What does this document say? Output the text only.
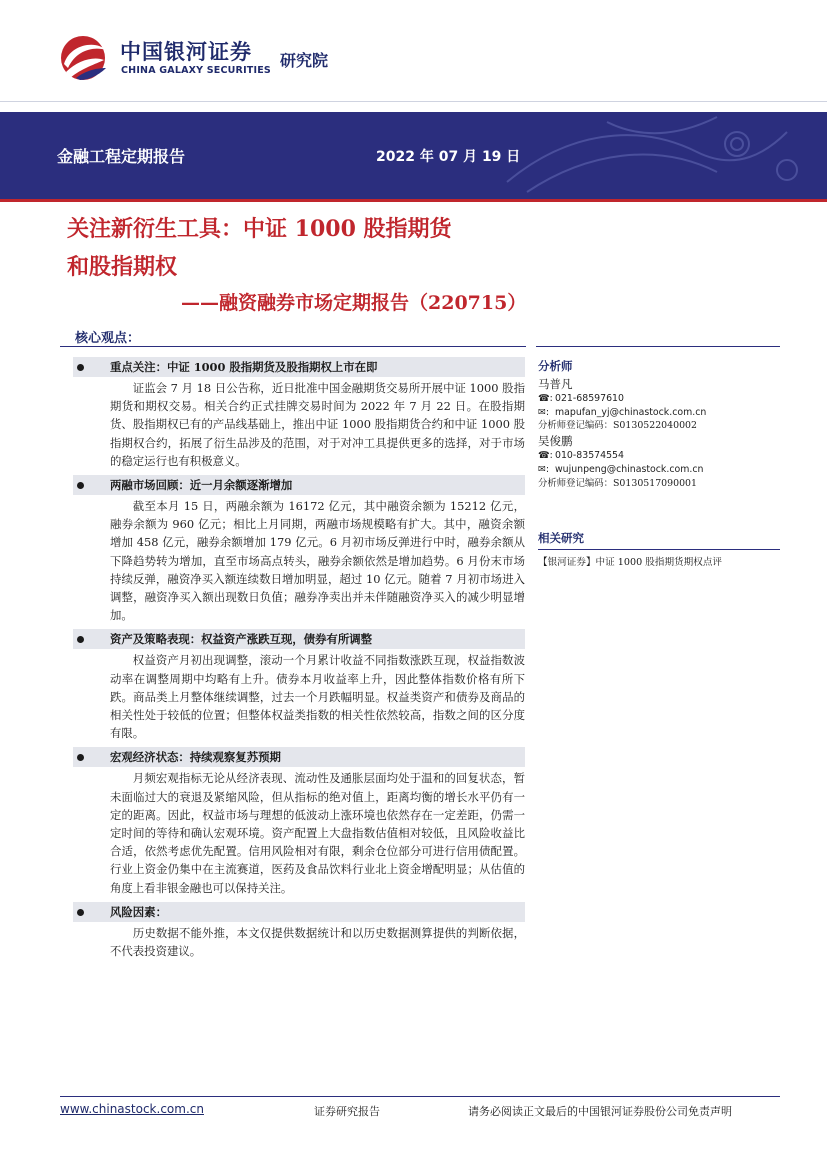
中国银河证券
CHINA GALAXY SECURITIES
研究院
金融工程定期报告	2022 年 07 月 19 日
关注新衍生工具：中证 1000 股指期货
和股指期权
——融资融券市场定期报告（220715）
核心观点：
重点关注：中证 1000 股指期货及股指期权上市在即
证监会 7 月 18 日公告称，近日批准中国金融期货交易所开展中证 1000 股指期货和期权交易。相关合约正式挂牌交易时间为 2022 年 7 月 22 日。在股指期货、股指期权已有的产品线基础上，推出中证 1000 股指期货合约和中证 1000 股指期权合约，拓展了衍生品涉及的范围，对于对冲工具提供更多的选择，对于市场的稳定运行也有积极意义。
两融市场回顾：近一月余额逐渐增加
截至本月 15 日，两融余额为 16172 亿元，其中融资余额为 15212 亿元，融券余额为 960 亿元；相比上月同期，两融市场规模略有扩大。其中，融资余额增加 458 亿元，融券余额增加 179 亿元。6 月初市场反弹进行中时，融券余额从下降趋势转为增加，直至市场高点转头，融券余额依然是增加趋势。6 月份末市场持续反弹，融资净买入额连续数日增加明显，超过 10 亿元。随着 7 月初市场进入调整，融资净买入额出现数日负值；融券净卖出并未伴随融资净买入的减少明显增加。
资产及策略表现：权益资产涨跌互现，债券有所调整
权益资产月初出现调整，滚动一个月累计收益不同指数涨跌互现，权益指数波动率在调整周期中均略有上升。债券本月收益率上升，因此整体指数价格有所下跌。商品类上月整体继续调整，过去一个月跌幅明显。权益类资产和债券及商品的相关性处于较低的位置；但整体权益类指数的相关性依然较高，指数之间的区分度有限。
宏观经济状态：持续观察复苏预期
月频宏观指标无论从经济表现、流动性及通胀层面均处于温和的回复状态，暂未面临过大的衰退及紧缩风险，但从指标的绝对值上，距离均衡的增长水平仍有一定的距离。因此，权益市场与理想的低波动上涨环境也依然存在一定差距，仍需一定时间的等待和确认宏观环境。资产配置上大盘指数估值相对较低，且风险收益比合适，依然考虑优先配置。信用风险相对有限，剩余仓位部分可进行信用债配置。行业上资金仍集中在主流赛道，医药及食品饮料行业北上资金增配明显；从估值的角度上看非银金融也可以保持关注。
风险因素：
历史数据不能外推，本文仅提供数据统计和以历史数据测算提供的判断依据，不代表投资建议。
分析师
马普凡
☎: 021-68597610
✉: mapufan_yj@chinastock.com.cn
分析师登记编码：S0130522040002
吴俊鹏
☎: 010-83574554
✉: wujunpeng@chinastock.com.cn
分析师登记编码：S0130517090001
相关研究
【银河证券】中证 1000 股指期货期权点评
www.chinastock.com.cn	证券研究报告	请务必阅读正文最后的中国银河证券股份公司免责声明
